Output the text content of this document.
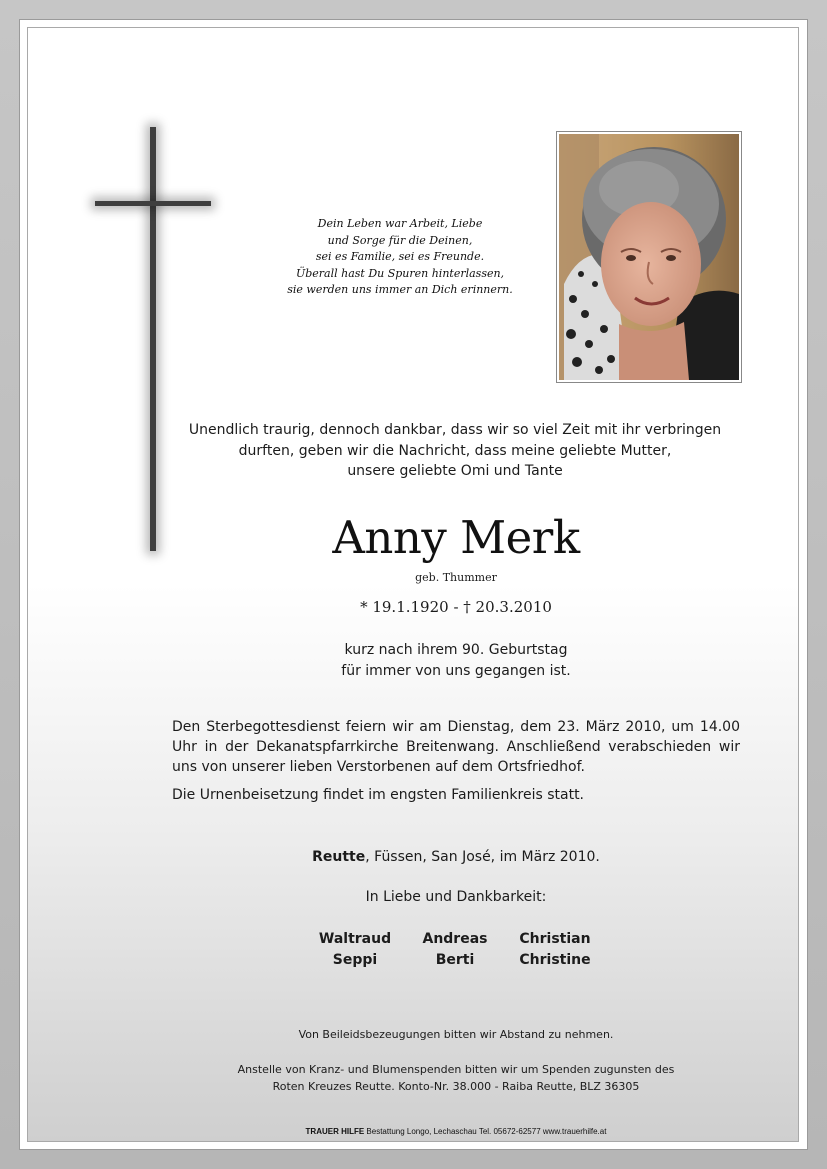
Dein Leben war Arbeit, Liebe
und Sorge für die Deinen,
sei es Familie, sei es Freunde.
Überall hast Du Spuren hinterlassen,
sie werden uns immer an Dich erinnern.

Unendlich traurig, dennoch dankbar, dass wir so viel Zeit mit ihr verbringen
durften, geben wir die Nachricht, dass meine geliebte Mutter,
unsere geliebte Omi und Tante

Anny Merk

geb. Thummer

* 19.1.1920 - † 20.3.2010

kurz nach ihrem 90. Geburtstag
für immer von uns gegangen ist.

Den Sterbegottesdienst feiern wir am Dienstag, dem 23. März 2010, um 14.00 Uhr in der Dekanatspfarrkirche Breitenwang. Anschließend verabschieden wir uns von unserer lieben Verstorbenen auf dem Ortsfriedhof.

Die Urnenbeisetzung findet im engsten Familienkreis statt.

Reutte, Füssen, San José, im März 2010.

In Liebe und Dankbarkeit:

Waltraud	Andreas	Christian
Seppi	Berti	Christine

Von Beileidsbezeugungen bitten wir Abstand zu nehmen.

Anstelle von Kranz- und Blumenspenden bitten wir um Spenden zugunsten des
Roten Kreuzes Reutte. Konto-Nr. 38.000 - Raiba Reutte, BLZ 36305

TRAUER HILFE Bestattung Longo, Lechaschau Tel. 05672-62577 www.trauerhilfe.at
